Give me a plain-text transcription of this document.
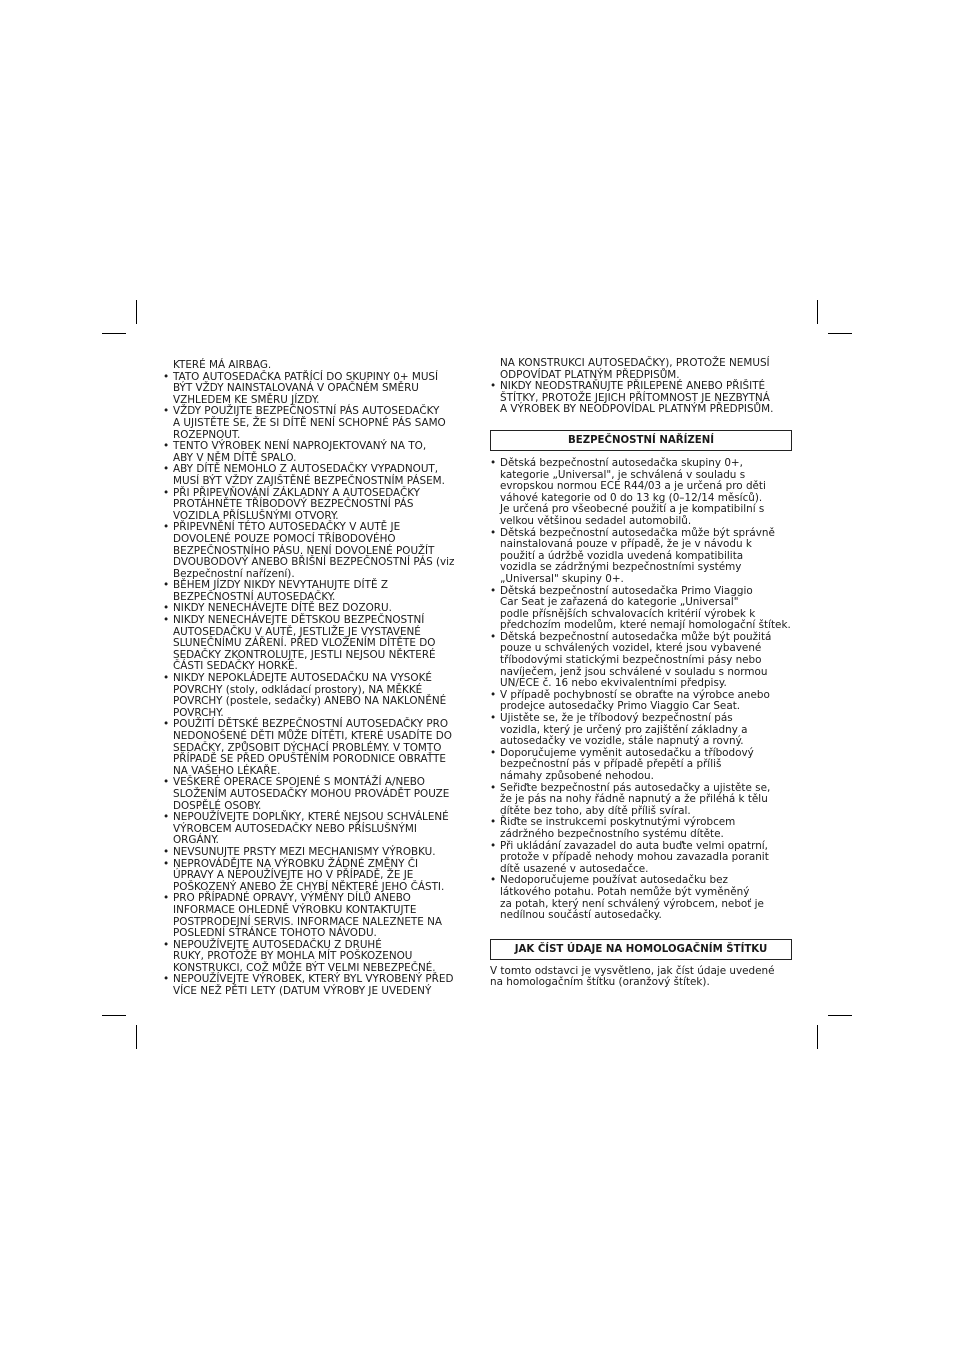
KTERÉ MÁ AIRBAG.
• TATO AUTOSEDAČKA PATŘÍCÍ DO SKUPINY 0+ MUSÍ
BÝT VŽDY NAINSTALOVANÁ V OPAČNÉM SMĚRU
VZHLEDEM KE SMĚRU JÍZDY.
• VŽDY POUŽIJTE BEZPEČNOSTNÍ PÁS AUTOSEDAČKY
A UJISTĚTE SE, ŽE SI DÍTĚ NENÍ SCHOPNÉ PÁS SAMO
ROZEPNOUT.
• TENTO VÝROBEK NENÍ NAPROJEKTOVANÝ NA TO,
ABY V NĚM DÍTĚ SPALO.
• ABY DÍTĚ NEMOHLO Z AUTOSEDAČKY VYPADNOUT,
MUSÍ BÝT VŽDY ZAJIŠTĚNÉ BEZPEČNOSTNÍM PÁSEM.
• PŘI PŘIPEVŇOVÁNÍ ZÁKLADNY A AUTOSEDAČKY
PROTÁHNĚTE TŘÍBODOVÝ BEZPEČNOSTNÍ PÁS
VOZIDLA PŘÍSLUŠNÝMI OTVORY.
• PŘIPEVNĚNÍ TÉTO AUTOSEDAČKY V AUTĚ JE
DOVOLENÉ POUZE POMOCÍ TŘÍBODOVÉHO
BEZPEČNOSTNÍHO PÁSU. NENÍ DOVOLENÉ POUŽÍT
DVOUBODOVÝ ANEBO BŘIŠNÍ BEZPEČNOSTNÍ PÁS (viz
Bezpečnostní nařízení).
• BĚHEM JÍZDY NIKDY NEVYTAHUJTE DÍTĚ Z
BEZPEČNOSTNÍ AUTOSEDAČKY.
• NIKDY NENECHÁVEJTE DÍTĚ BEZ DOZORU.
• NIKDY NENECHÁVEJTE DĚTSKOU BEZPEČNOSTNÍ
AUTOSEDAČKU V AUTĚ, JESTLIŽE JE VYSTAVENÉ
SLUNEČNÍMU ZÁŘENÍ. PŘED VLOŽENÍM DÍTĚTE DO
SEDAČKY ZKONTROLUJTE, JESTLI NEJSOU NĚKTERÉ
ČÁSTI SEDAČKY HORKÉ.
• NIKDY NEPOKLÁDEJTE AUTOSEDAČKU NA VYSOKÉ
POVRCHY (stoly, odkládací prostory), NA MĚKKÉ
POVRCHY (postele, sedačky) ANEBO NA NAKLONĚNÉ
POVRCHY.
• POUŽITÍ DĚTSKÉ BEZPEČNOSTNÍ AUTOSEDAČKY PRO
NEDONOŠENÉ DĚTI MŮŽE DÍTĚTI, KTERÉ USADÍTE DO
SEDAČKY, ZPŮSOBIT DÝCHACÍ PROBLÉMY. V TOMTO
PŘÍPADĚ SE PŘED OPUŠTĚNÍM PORODNICE OBRAŤTE
NA VAŠEHO LÉKAŘE.
• VEŠKERÉ OPERACE SPOJENÉ S MONTÁŽÍ A/NEBO
SLOŽENÍM AUTOSEDAČKY MOHOU PROVÁDĚT POUZE
DOSPĚLÉ OSOBY.
• NEPOUŽÍVEJTE DOPLŇKY, KTERÉ NEJSOU SCHVÁLENÉ
VÝROBCEM AUTOSEDAČKY NEBO PŘÍSLUŠNÝMI
ORGÁNY.
• NEVSUNUJTE PRSTY MEZI MECHANISMY VÝROBKU.
• NEPROVÁDĚJTE NA VÝROBKU ŽÁDNÉ ZMĚNY ČI
ÚPRAVY A NEPOUŽÍVEJTE HO V PŘÍPADĚ, ŽE JE
POŠKOZENÝ ANEBO ŽE CHYBÍ NĚKTERÉ JEHO ČÁSTI.
• PRO PŘÍPADNÉ OPRAVY, VÝMĚNY DÍLŮ ANEBO
INFORMACE OHLEDNĚ VÝROBKU KONTAKTUJTE
POSTPRODEJNÍ SERVIS. INFORMACE NALEZNETE NA
POSLEDNÍ STRÁNCE TOHOTO NÁVODU.
• NEPOUŽÍVEJTE AUTOSEDAČKU Z DRUHÉ
RUKY, PROTOŽE BY MOHLA MÍT POŠKOZENOU
KONSTRUKCI, COŽ MŮŽE BÝT VELMI NEBEZPEČNÉ.
• NEPOUŽÍVEJTE VÝROBEK, KTERÝ BYL VYROBENÝ PŘED
VÍCE NEŽ PĚTI LETY (DATUM VÝROBY JE UVEDENÝ
NA KONSTRUKCI AUTOSEDAČKY), PROTOŽE NEMUSÍ
ODPOVÍDAT PLATNÝM PŘEDPISŮM.
• NIKDY NEODSTRAŇUJTE PŘILEPENÉ ANEBO PŘIŠITÉ
ŠTÍTKY, PROTOŽE JEJICH PŘÍTOMNOST JE NEZBYTNÁ
A VÝROBEK BY NEODPOVÍDAL PLATNÝM PŘEDPISŮM.
BEZPEČNOSTNÍ NAŘÍZENÍ
• Dětská bezpečnostní autosedačka skupiny 0+,
kategorie „Universal", je schválená v souladu s
evropskou normou ECE R44/03 a je určená pro děti
váhové kategorie od 0 do 13 kg (0–12/14 měsíců).
Je určená pro všeobecné použití a je kompatibilní s
velkou většinou sedadel automobilů.
• Dětská bezpečnostní autosedačka může být správně
nainstalovaná pouze v případě, že je v návodu k
použití a údržbě vozidla uvedená kompatibilita
vozidla se zádržnými bezpečnostními systémy
„Universal" skupiny 0+.
• Dětská bezpečnostní autosedačka Primo Viaggio
Car Seat je zařazená do kategorie „Universal"
podle přísnějších schvalovacích kritérií výrobek k
předchozím modelům, které nemají homologační štítek.
• Dětská bezpečnostní autosedačka může být použitá
pouze u schválených vozidel, které jsou vybavené
tříbodovými statickými bezpečnostními pásy nebo
navíječem, jenž jsou schválené v souladu s normou
UN/ECE č. 16 nebo ekvivalentními předpisy.
• V případě pochybností se obraťte na výrobce anebo
prodejce autosedačky Primo Viaggio Car Seat.
• Ujistěte se, že je tříbodový bezpečnostní pás
vozidla, který je určený pro zajištění základny a
autosedačky ve vozidle, stále napnutý a rovný.
• Doporučujeme vyměnit autosedačku a tříbodový
bezpečnostní pás v případě přepětí a příliš
námahy způsobené nehodou.
• Seřiďte bezpečnostní pás autosedačky a ujistěte se,
že je pás na nohy řádně napnutý a že přiléhá k tělu
dítěte bez toho, aby dítě příliš svíral.
• Řiďte se instrukcemi poskytnutými výrobcem
zádržného bezpečnostního systému dítěte.
• Při ukládání zavazadel do auta buďte velmi opatrní,
protože v případě nehody mohou zavazadla poranit
dítě usazené v autosedačce.
• Nedoporučujeme používat autosedačku bez
látkového potahu. Potah nemůže být vyměněný
za potah, který není schválený výrobcem, neboť je
nedílnou součástí autosedačky.
JAK ČÍST ÚDAJE NA HOMOLOGAČNÍM ŠTÍTKU
V tomto odstavci je vysvětleno, jak číst údaje uvedené
na homologačním štítku (oranžový štítek).
